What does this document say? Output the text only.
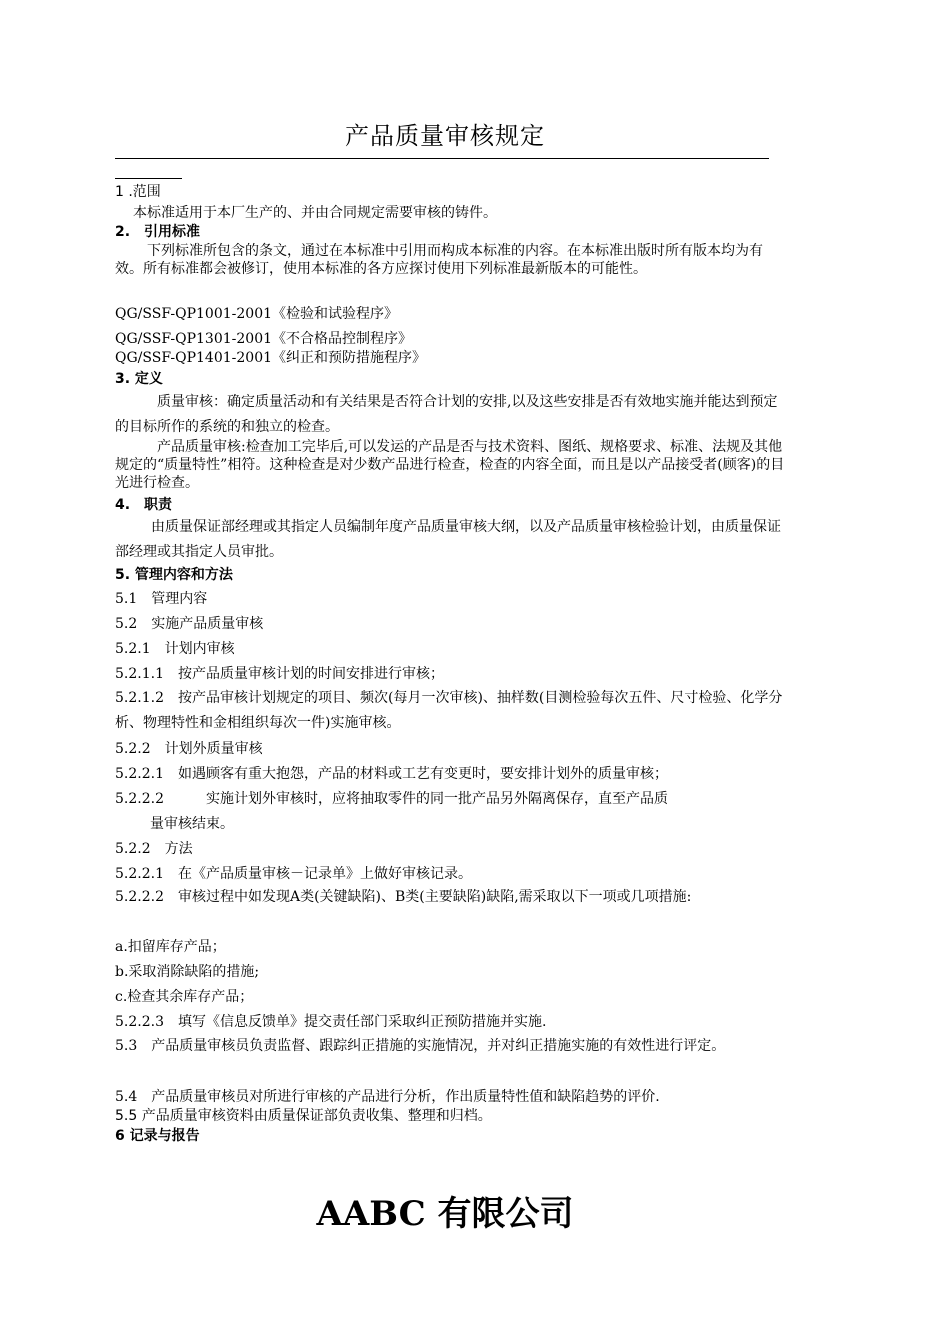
产品质量审核规定
1 .范围
本标准适用于本厂生产的、并由合同规定需要审核的铸件。
2.　引用标准
下列标准所包含的条文，通过在本标准中引用而构成本标准的内容。在本标准出版时所有版本均为有效。所有标准都会被修订，使用本标准的各方应探讨使用下列标准最新版本的可能性。
QG/SSF-QP1001-2001《检验和试验程序》
QG/SSF-QP1301-2001《不合格品控制程序》
QG/SSF-QP1401-2001《纠正和预防措施程序》
3. 定义
质量审核：确定质量活动和有关结果是否符合计划的安排,以及这些安排是否有效地实施并能达到预定的目标所作的系统的和独立的检查。
产品质量审核:检查加工完毕后,可以发运的产品是否与技术资料、图纸、规格要求、标准、法规及其他规定的“质量特性”相符。这种检查是对少数产品进行检查，检查的内容全面，而且是以产品接受者(顾客)的目光进行检查。
4.　职责
由质量保证部经理或其指定人员编制年度产品质量审核大纲，以及产品质量审核检验计划，由质量保证部经理或其指定人员审批。
5. 管理内容和方法
5.1　管理内容
5.2　实施产品质量审核
5.2.1　计划内审核
5.2.1.1　按产品质量审核计划的时间安排进行审核；
5.2.1.2　按产品审核计划规定的项目、频次(每月一次审核)、抽样数(目测检验每次五件、尺寸检验、化学分析、物理特性和金相组织每次一件)实施审核。
5.2.2　计划外质量审核
5.2.2.1　如遇顾客有重大抱怨，产品的材料或工艺有变更时，要安排计划外的质量审核；
5.2.2.2　　　实施计划外审核时，应将抽取零件的同一批产品另外隔离保存，直至产品质
量审核结束。
5.2.2　方法
5.2.2.1　在《产品质量审核－记录单》上做好审核记录。
5.2.2.2　审核过程中如发现A类(关键缺陷)、B类(主要缺陷)缺陷,需采取以下一项或几项措施:
a.扣留库存产品；
b.采取消除缺陷的措施;
c.检查其余库存产品；
5.2.2.3　填写《信息反馈单》提交责任部门采取纠正预防措施并实施.
5.3　产品质量审核员负责监督、跟踪纠正措施的实施情况，并对纠正措施实施的有效性进行评定。
5.4　产品质量审核员对所进行审核的产品进行分析，作出质量特性值和缺陷趋势的评价.
5.5 产品质量审核资料由质量保证部负责收集、整理和归档。
6 记录与报告
AABC 有限公司
